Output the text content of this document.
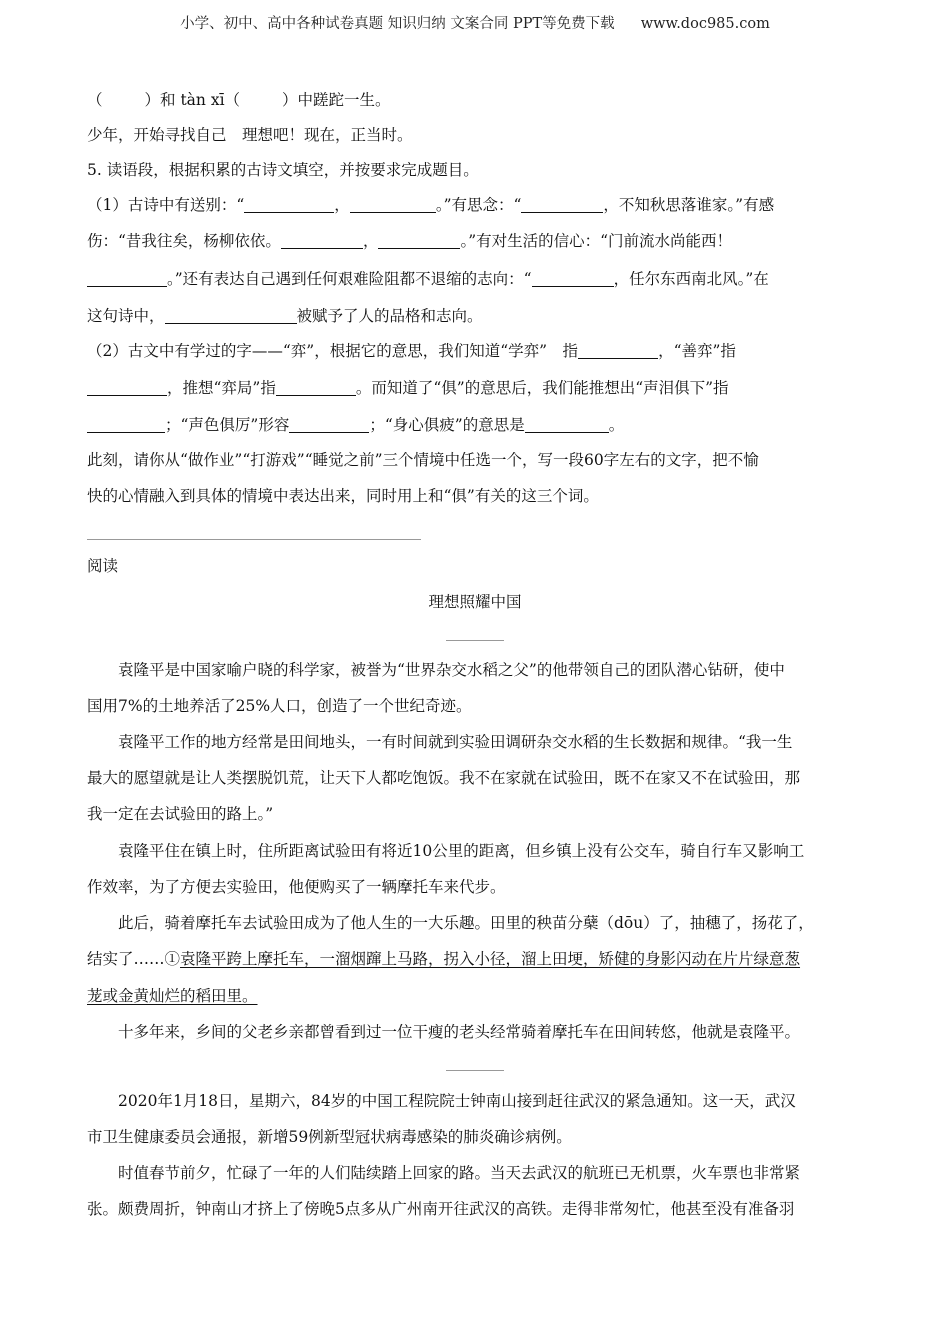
小学、初中、高中各种试卷真题 知识归纳 文案合同 PPT等免费下载 www.doc985.com
（	）和 tàn xī（	）中蹉跎一生。
少年，开始寻找自己　理想吧！现在，正当时。
5. 读语段，根据积累的古诗文填空，并按要求完成题目。
（1）古诗中有送别：“	，	。”有思念：“	，不知秋思落谁家。”有感
伤：“昔我往矣，杨柳依依。	，	。”有对生活的信心：“门前流水尚能西！
。”还有表达自己遇到任何艰难险阻都不退缩的志向：“	，任尔东西南北风。”在
这句诗中，	被赋予了人的品格和志向。
（2）古文中有学过的字——“弈”，根据它的意思，我们知道“学弈”　指	，“善弈”指
，推想“弈局”指	。而知道了“俱”的意思后，我们能推想出“声泪俱下”指
；“声色俱厉”形容	；“身心俱疲”的意思是	。
此刻，请你从“做作业”“打游戏”“睡觉之前”三个情境中任选一个，写一段60字左右的文字，把不愉
快的心情融入到具体的情境中表达出来，同时用上和“俱”有关的这三个词。
阅读
理想照耀中国
袁隆平是中国家喻户晓的科学家，被誉为“世界杂交水稻之父”的他带领自己的团队潜心钻研，使中
国用7%的土地养活了25%人口，创造了一个世纪奇迹。
袁隆平工作的地方经常是田间地头，一有时间就到实验田调研杂交水稻的生长数据和规律。“我一生
最大的愿望就是让人类摆脱饥荒，让天下人都吃饱饭。我不在家就在试验田，既不在家又不在试验田，那
我一定在去试验田的路上。”
袁隆平住在镇上时，住所距离试验田有将近10公里的距离，但乡镇上没有公交车，骑自行车又影响工
作效率，为了方便去实验田，他便购买了一辆摩托车来代步。
此后，骑着摩托车去试验田成为了他人生的一大乐趣。田里的秧苗分蘖（dōu）了，抽穗了，扬花了，
结实了……①袁隆平跨上摩托车，一溜烟蹿上马路，拐入小径，溜上田埂，矫健的身影闪动在片片绿意葱
茏或金黄灿烂的稻田里。
十多年来，乡间的父老乡亲都曾看到过一位干瘦的老头经常骑着摩托车在田间转悠，他就是袁隆平。
2020年1月18日，星期六，84岁的中国工程院院士钟南山接到赶往武汉的紧急通知。这一天，武汉
市卫生健康委员会通报，新增59例新型冠状病毒感染的肺炎确诊病例。
时值春节前夕，忙碌了一年的人们陆续踏上回家的路。当天去武汉的航班已无机票，火车票也非常紧
张。颇费周折，钟南山才挤上了傍晚5点多从广州南开往武汉的高铁。走得非常匆忙，他甚至没有准备羽
